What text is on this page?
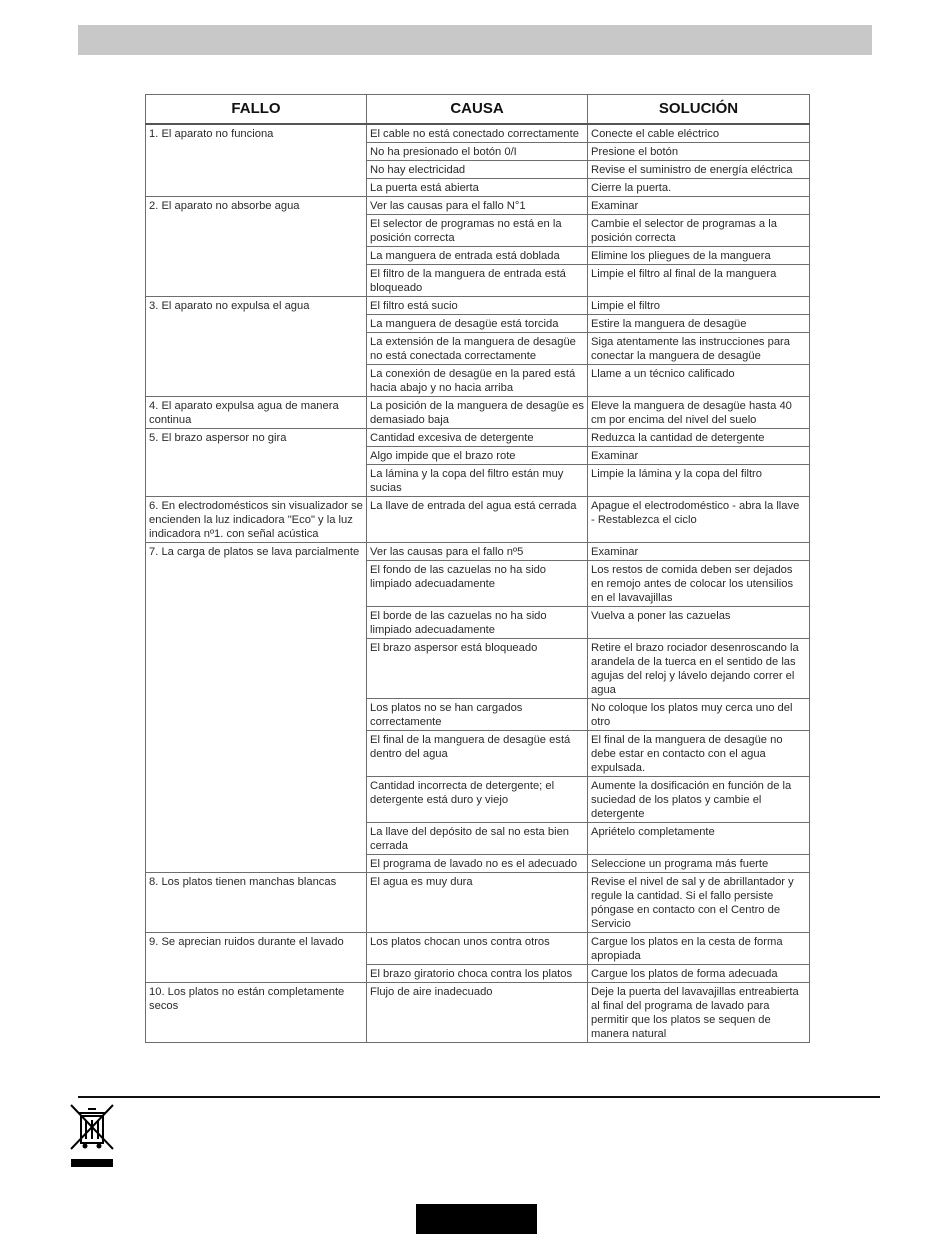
FALLO	CAUSA	SOLUCIÓN
1. El aparato no funciona	El cable no está conectado correctamente	Conecte el cable eléctrico
	No ha presionado el botón 0/I	Presione el botón
	No hay electricidad	Revise el suministro de energía eléctrica
	La puerta está abierta	Cierre la puerta.
2. El aparato no absorbe agua	Ver las causas para el fallo N°1	Examinar
	El selector de programas no está en la posición correcta	Cambie el selector de programas a la posición correcta
	La manguera de entrada está doblada	Elimine los pliegues de la manguera
	El filtro de la manguera de entrada está bloqueado	Limpie el filtro al final de la manguera
3. El aparato no expulsa el agua	El filtro está sucio	Limpie el filtro
	La manguera de desagüe está torcida	Estire la manguera de desagüe
	La extensión de la manguera de desagüe no está conectada correctamente	Siga atentamente las instrucciones para conectar la manguera de desagüe
	La conexión de desagüe en la pared está hacia abajo y no hacia arriba	Llame a un técnico calificado
4. El aparato expulsa agua de manera continua	La posición de la manguera de desagüe es demasiado baja	Eleve la manguera de desagüe hasta 40 cm por encima del nivel del suelo
5. El brazo aspersor no gira	Cantidad excesiva de detergente	Reduzca la cantidad de detergente
	Algo impide que el brazo rote	Examinar
	La lámina y la copa del filtro están muy sucias	Limpie la lámina y la copa del filtro
6. En electrodomésticos sin visualizador se encienden la luz indicadora "Eco" y la luz indicadora nº1. con señal acústica	La llave de entrada del agua está cerrada	Apague el electrodoméstico - abra la llave - Restablezca el ciclo
7. La carga de platos se lava parcialmente	Ver las causas para el fallo nº5	Examinar
	El fondo de las cazuelas no ha sido limpiado adecuadamente	Los restos de comida deben ser dejados en remojo antes de colocar los utensilios en el lavavajillas
	El borde de las cazuelas no ha sido limpiado adecuadamente	Vuelva a poner las cazuelas
	El brazo aspersor está bloqueado	Retire el brazo rociador desenroscando la arandela de la tuerca en el sentido de las agujas del reloj y lávelo dejando correr el agua
	Los platos no se han cargados correctamente	No coloque los platos muy cerca uno del otro
	El final de la manguera de desagüe está dentro del agua	El final de la manguera de desagüe no debe estar en contacto con el agua expulsada.
	Cantidad incorrecta de detergente; el detergente está duro y viejo	Aumente la dosificación en función de la suciedad de los platos y cambie el detergente
	La llave del depósito de sal no esta bien cerrada	Apriételo completamente
	El programa de lavado no es el adecuado	Seleccione un programa más fuerte
8. Los platos tienen manchas blancas	El agua es muy dura	Revise el nivel de sal y de abrillantador y regule la cantidad. Si el fallo persiste póngase en contacto con el Centro de Servicio
9. Se aprecian ruidos durante el lavado	Los platos chocan unos contra otros	Cargue los platos en la cesta de forma apropiada
	El brazo giratorio choca contra los platos	Cargue los platos de forma adecuada
10. Los platos no están completamente secos	Flujo de aire inadecuado	Deje la puerta del lavavajillas entreabierta al final del programa de lavado para permitir que los platos se sequen de manera natural
